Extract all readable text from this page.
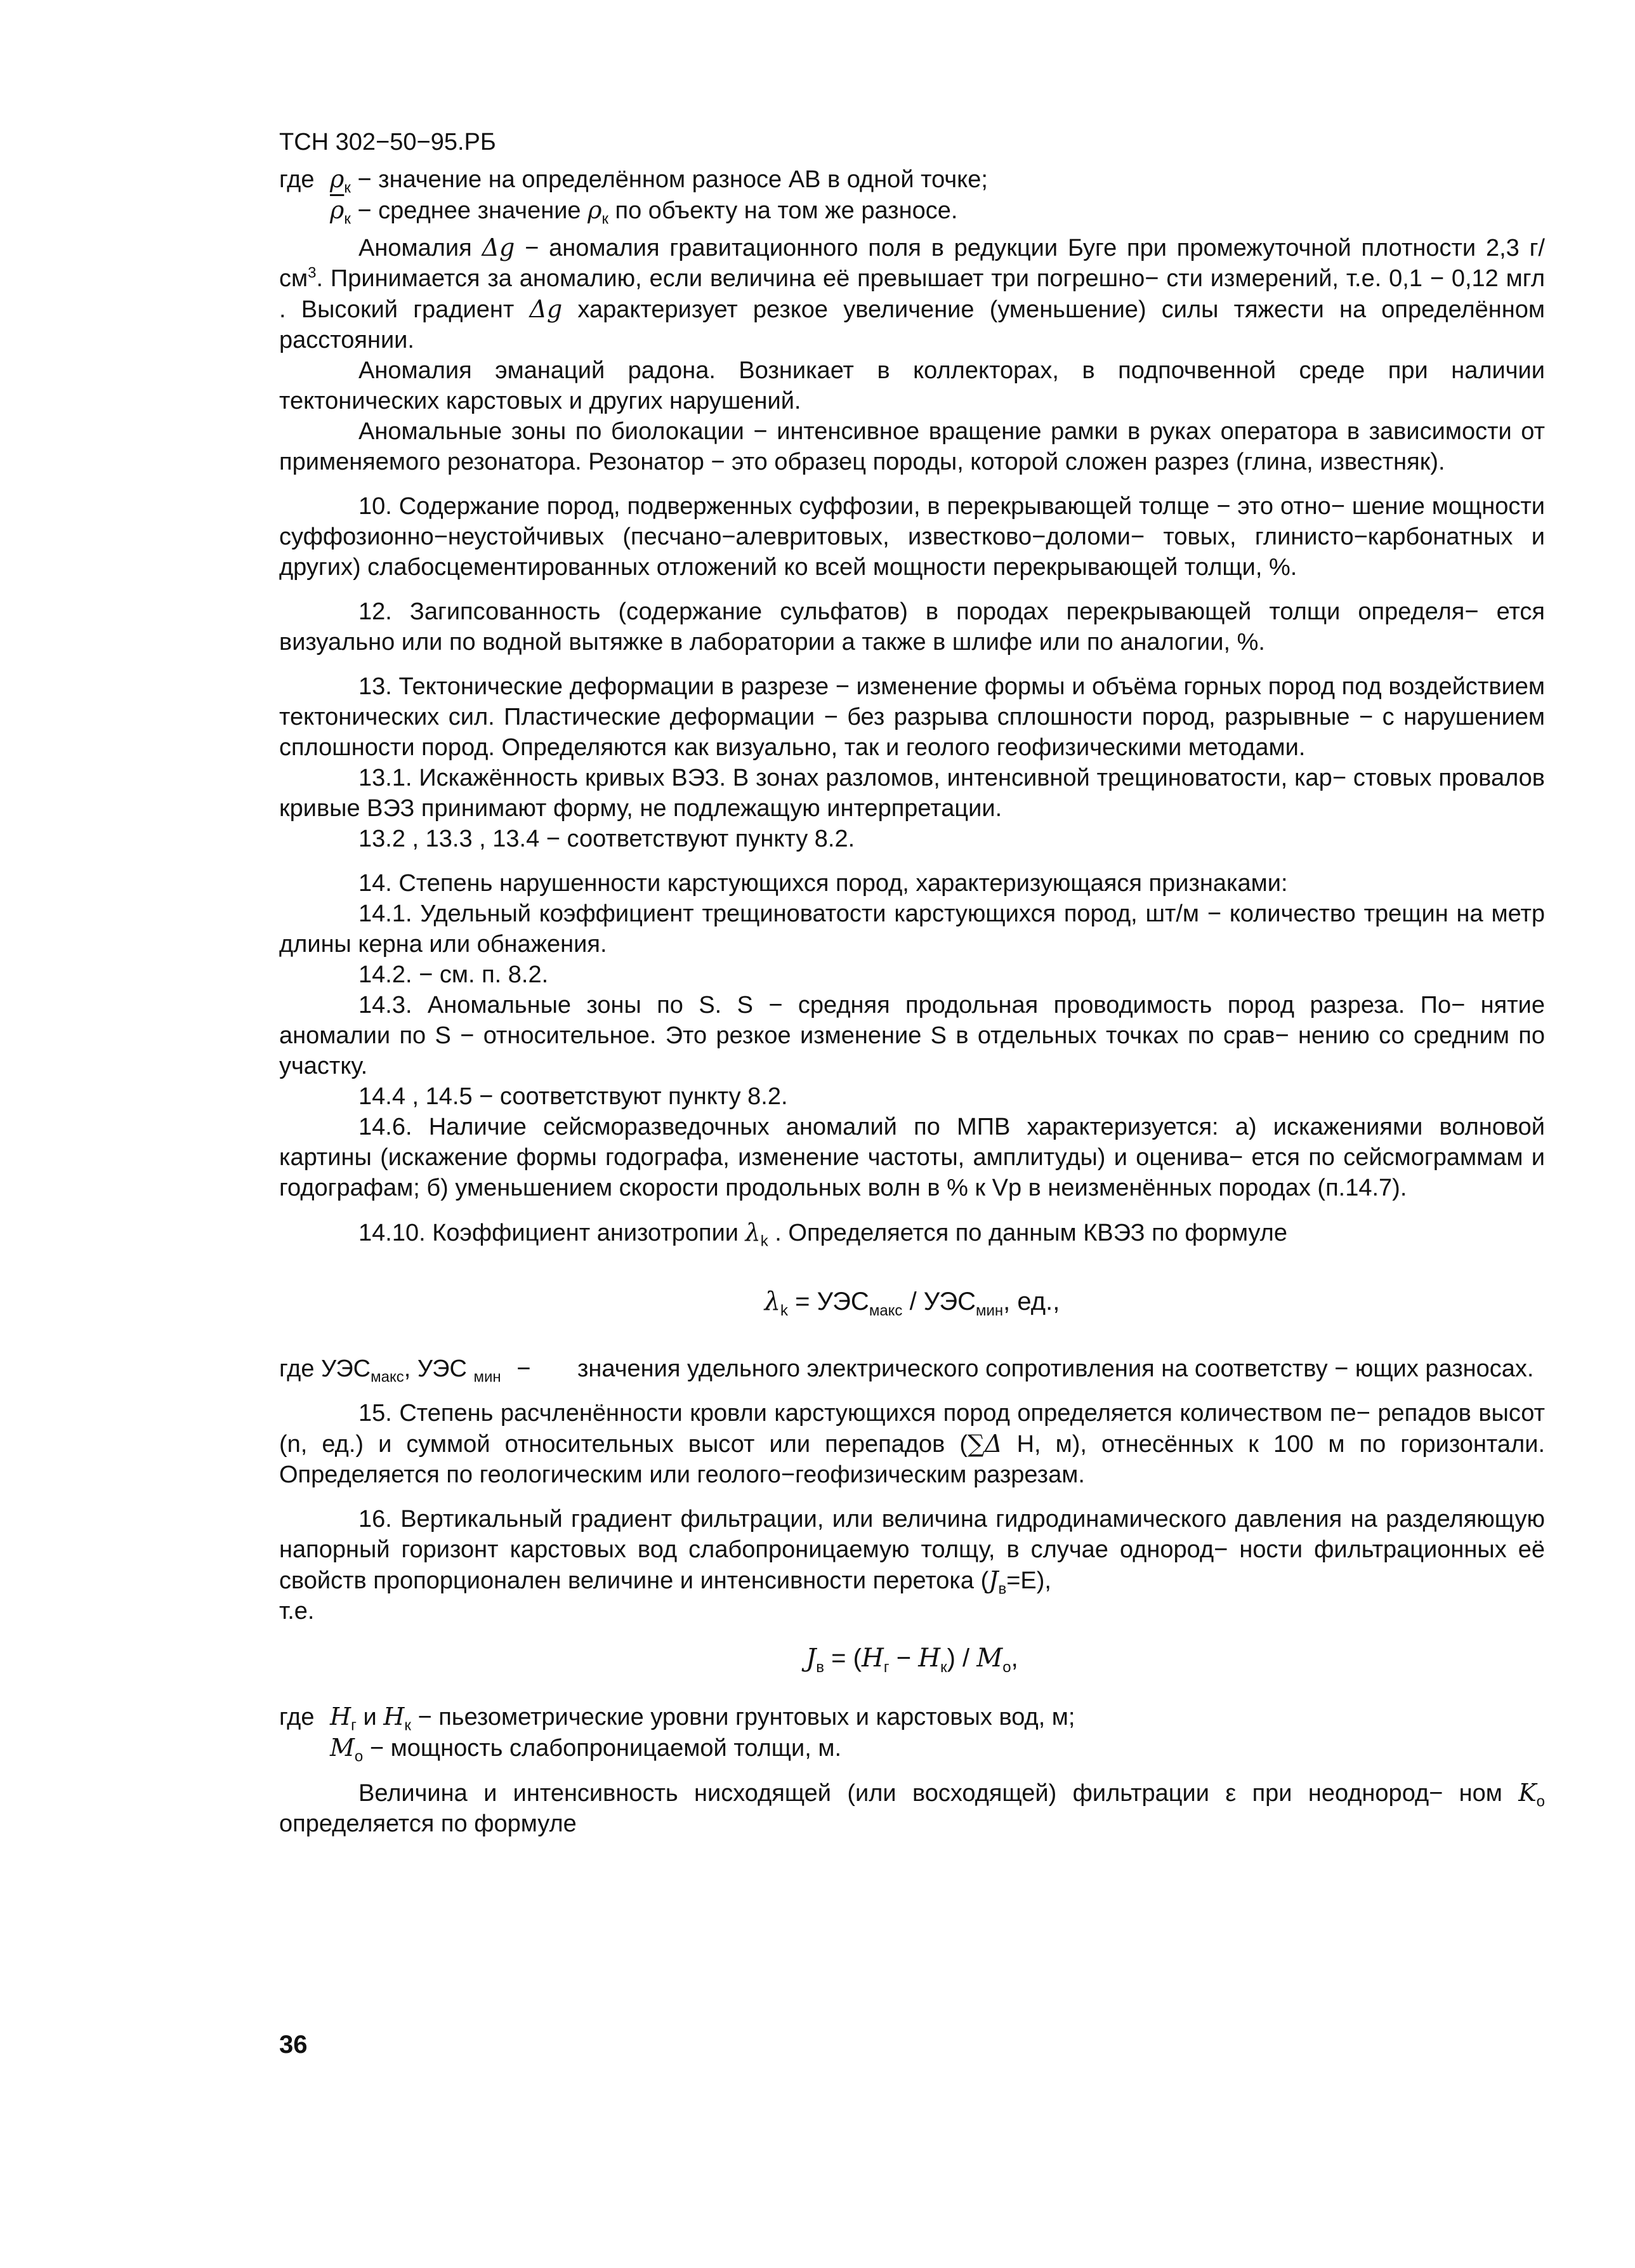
ТСН 302−50−95.РБ
где $\rho_к$ − значение на определённом разносе АВ в одной точке;
$\overline{\rho}_к$ − среднее значение $\rho_к$ по объекту на том же разносе.

Аномалия Δg − аномалия гравитационного поля в редукции Буге при промежуточной плотности 2,3 $г/см^3$. Принимается за аномалию, если величина её превышает три погрешно− сти измерений, т.е. 0,1 − 0,12 мгл . Высокий градиент Δg характеризует резкое увеличение (уменьшение) силы тяжести на определённом расстоянии.

Аномалия эманаций радона. Возникает в коллекторах, в подпочвенной среде при наличии тектонических карстовых и других нарушений.

Аномальные зоны по биолокации − интенсивное вращение рамки в руках оператора в зависимости от применяемого резонатора. Резонатор − это образец породы, которой сложен разрез (глина, известняк).

10. Содержание пород, подверженных суффозии, в перекрывающей толще − это отно− шение мощности суффозионно−неустойчивых (песчано−алевритовых, известково−доломи− товых, глинисто−карбонатных и других) слабосцементированных отложений ко всей мощности перекрывающей толщи, %.

12. Загипсованность (содержание сульфатов) в породах перекрывающей толщи определя− ется визуально или по водной вытяжке в лаборатории а также в шлифе или по аналогии, %.

13. Тектонические деформации в разрезе − изменение формы и объёма горных пород под воздействием тектонических сил. Пластические деформации − без разрыва сплошности пород, разрывные − с нарушением сплошности пород. Определяются как визуально, так и геолого геофизическими методами.

13.1. Искажённость кривых ВЭЗ. В зонах разломов, интенсивной трещиноватости, кар− стовых провалов кривые ВЭЗ принимают форму, не подлежащую интерпретации.

13.2 , 13.3 , 13.4 − соответствуют пункту 8.2.

14. Степень нарушенности карстующихся пород, характеризующаяся признаками:

14.1. Удельный коэффициент трещиноватости карстующихся пород, шт/м − количество трещин на метр длины керна или обнажения.

14.2. − см. п. 8.2.

14.3. Аномальные зоны по S. S − средняя продольная проводимость пород разреза. По− нятие аномалии по S − относительное. Это резкое изменение S в отдельных точках по срав− нению со средним по участку.

14.4 , 14.5 − соответствуют пункту 8.2.

14.6. Наличие сейсморазведочных аномалий по МПВ характеризуется: а) искажениями волновой картины (искажение формы годографа, изменение частоты, амплитуды) и оценива− ется по сейсмограммам и годографам; б) уменьшением скорости продольных волн в % к Vp в неизменённых породах (п.14.7).

14.10. Коэффициент анизотропии $\lambda_k$ . Определяется по данным КВЭЗ по формуле

$\lambda_k = УЭС_{макс} / УЭС_{мин}$, ед.,
где $УЭС_{макс}$, УЭС $_{мин}$ −	значения удельного электрического сопротивления на соответству − ющих разносах.

15. Степень расчленённости кровли карстующихся пород определяется количеством пе− репадов высот (n, ед.) и суммой относительных высот или перепадов (∑Δ H, м), отнесённых к 100 м по горизонтали. Определяется по геологическим или геолого−геофизическим разрезам.

16. Вертикальный градиент фильтрации, или величина гидродинамического давления на разделяющую напорный горизонт карстовых вод слабопроницаемую толщу, в случае однород− ности фильтрационных её свойств пропорционален величине и интенсивности перетока $(J_в=E)$,

т.е.

$J_в = (H_г - H_к) / M_о$,
где $H_г$ и $H_к$ − пьезометрические уровни грунтовых и карстовых вод, м;
$M_о$ − мощность слабопроницаемой толщи, м.

Величина и интенсивность нисходящей (или восходящей) фильтрации ε при неоднород− ном $K_о$ определяется по формуле

36
